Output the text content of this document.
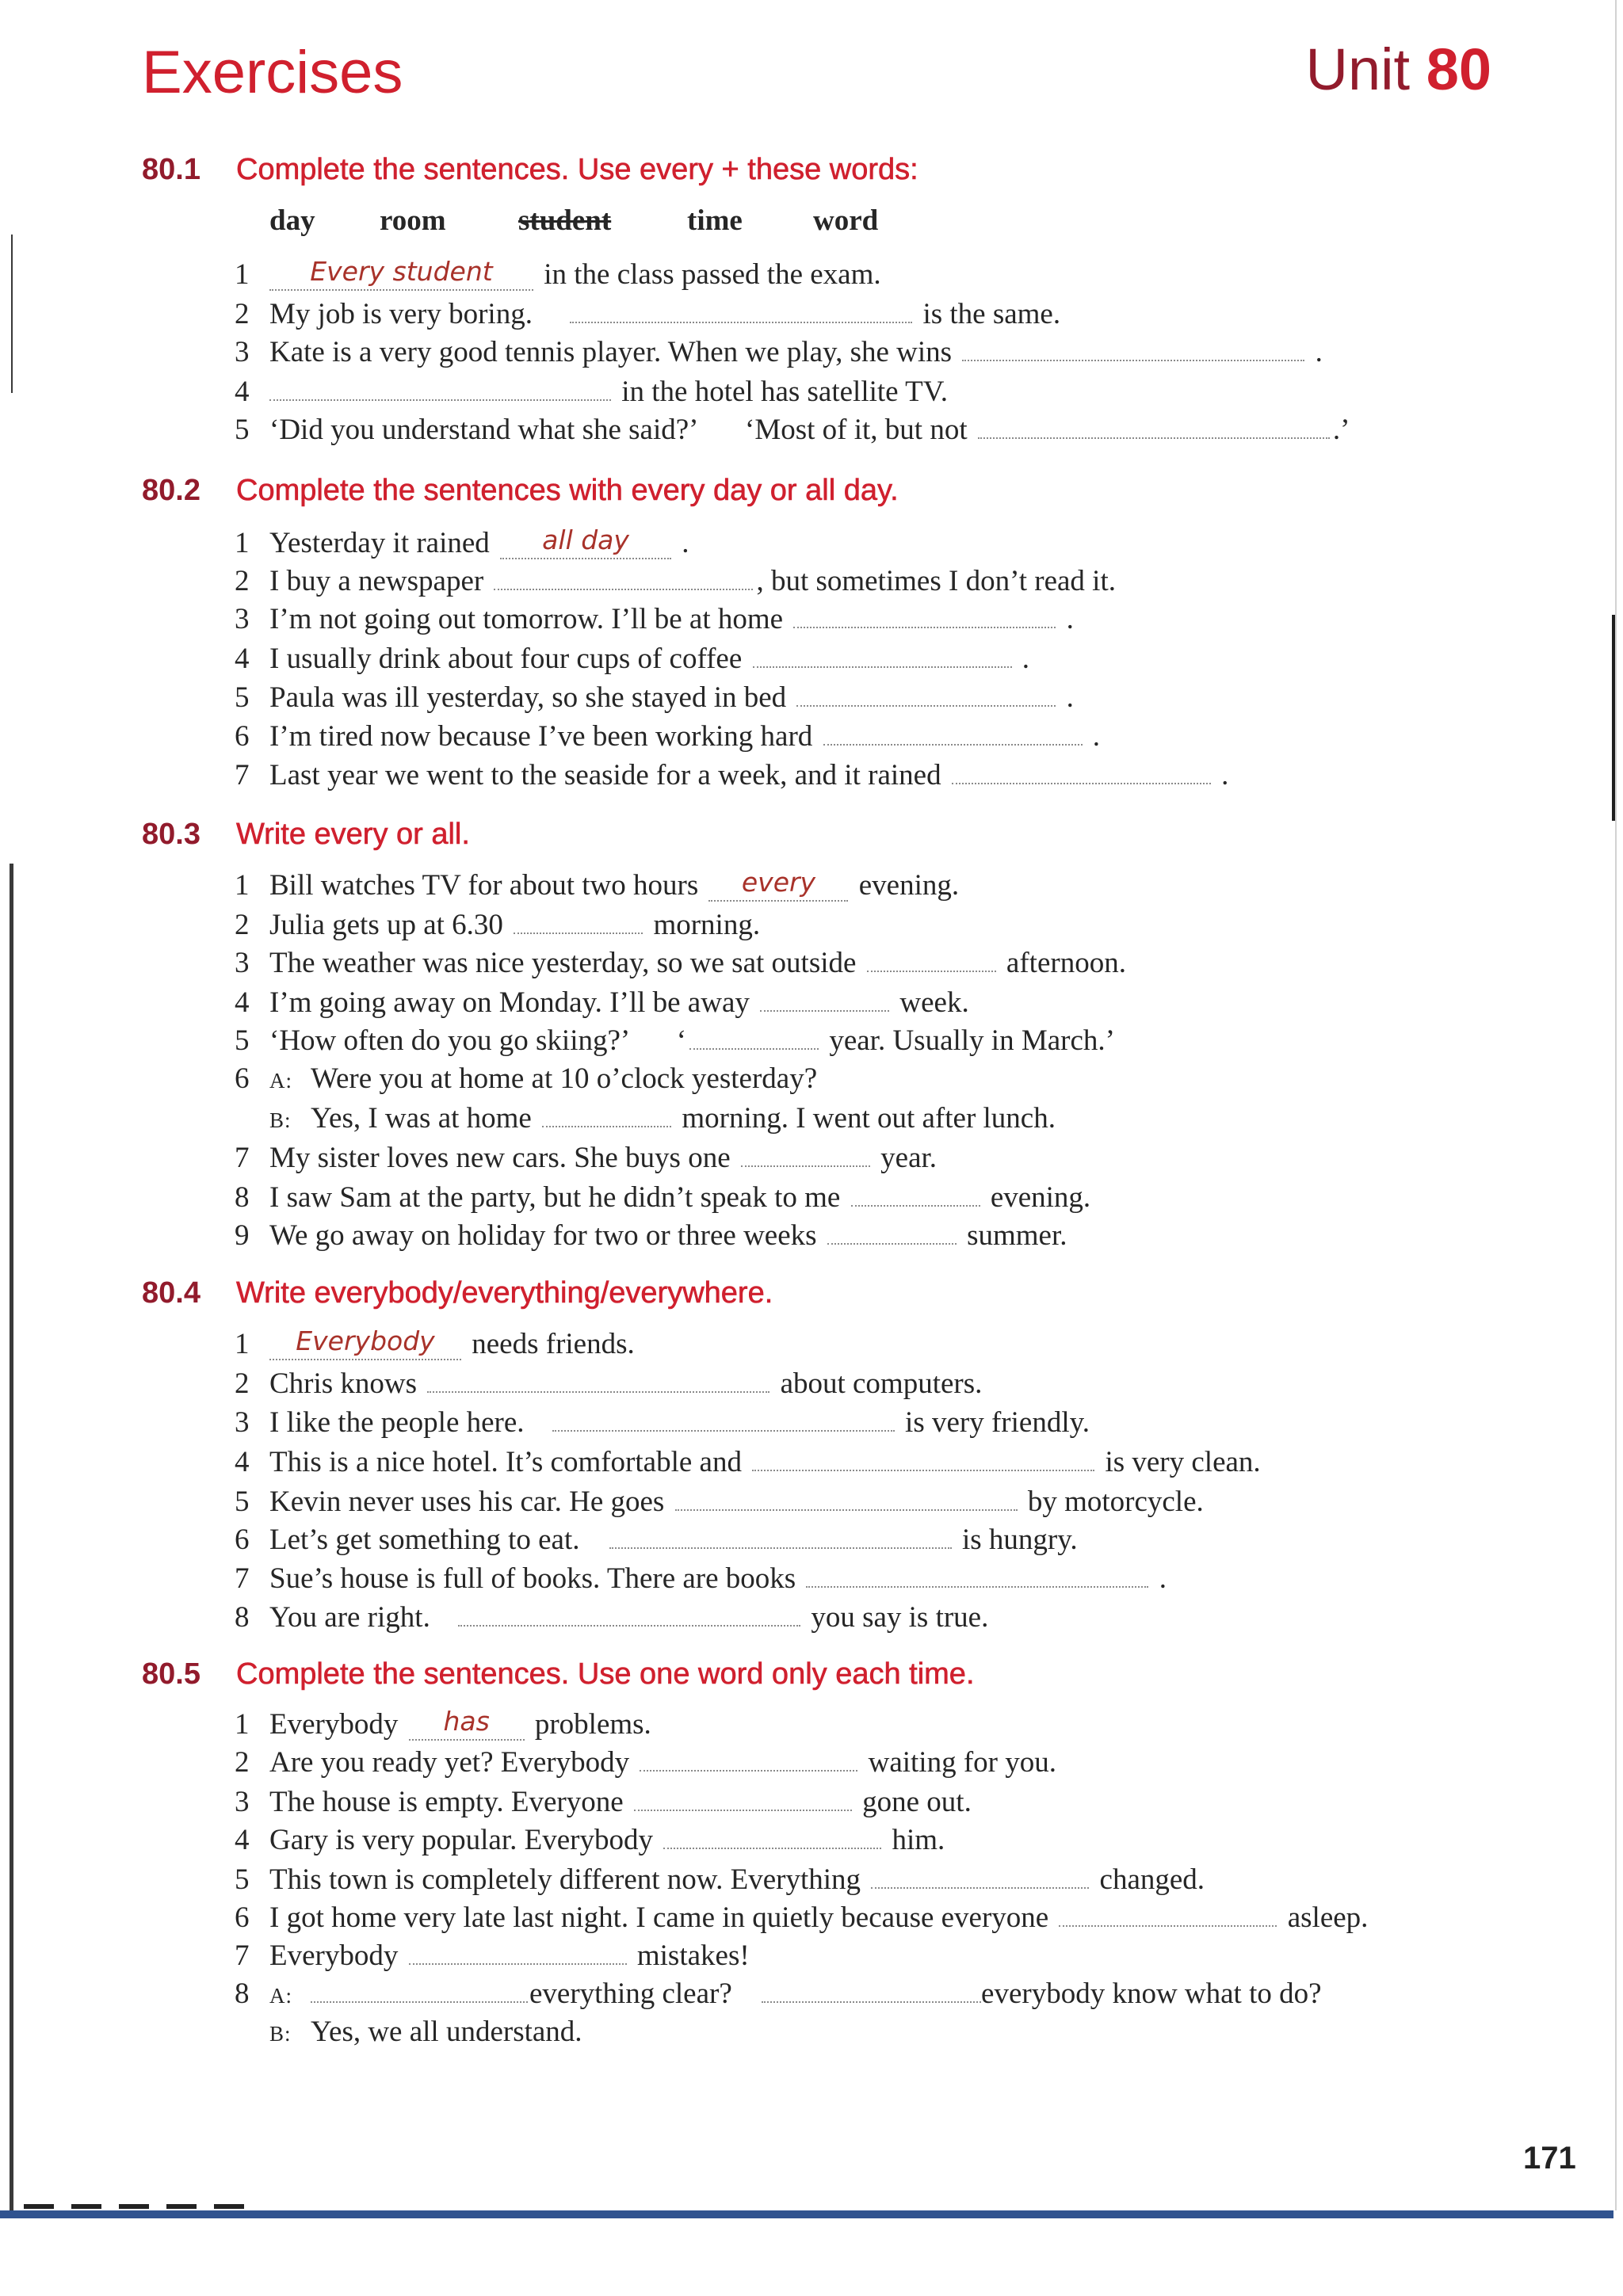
Exercises	Unit 80
80.1 Complete the sentences. Use every + these words:
day room student	time word
1 Every student in the class passed the exam.
2 My job is very boring.	is the same.
3 Kate is a very good tennis player. When we play, she wins	.
4	in the hotel has satellite TV.
5 ‘Did you understand what she said?’ ‘Most of it, but not	.’
80.2 Complete the sentences with every day or all day.
1 Yesterday it rained all day .
2 I buy a newspaper	, but sometimes I don’t read it.
3 I’m not going out tomorrow. I’ll be at home	.
4 I usually drink about four cups of coffee	.
5 Paula was ill yesterday, so she stayed in bed	.
6 I’m tired now because I’ve been working hard	.
7 Last year we went to the seaside for a week, and it rained	.
80.3 Write every or all.
1 Bill watches TV for about two hours every evening.
2 Julia gets up at 6.30	morning.
3 The weather was nice yesterday, so we sat outside	afternoon.
4 I’m going away on Monday. I’ll be away	week.
5 ‘How often do you go skiing?’ ‘	year. Usually in March.’
6 A: Were you at home at 10 o’clock yesterday?
B: Yes, I was at home	morning. I went out after lunch.
7 My sister loves new cars. She buys one	year.
8 I saw Sam at the party, but he didn’t speak to me	evening.
9 We go away on holiday for two or three weeks	summer.
80.4 Write everybody/everything/everywhere.
1 Everybody needs friends.
2 Chris knows	about computers.
3 I like the people here.	is very friendly.
4 This is a nice hotel. It’s comfortable and	is very clean.
5 Kevin never uses his car. He goes	by motorcycle.
6 Let’s get something to eat.	is hungry.
7 Sue’s house is full of books. There are books	.
8 You are right.	you say is true.
80.5 Complete the sentences. Use one word only each time.
1 Everybody has problems.
2 Are you ready yet? Everybody	waiting for you.
3 The house is empty. Everyone	gone out.
4 Gary is very popular. Everybody	him.
5 This town is completely different now. Everything	changed.
6 I got home very late last night. I came in quietly because everyone	asleep.
7 Everybody	mistakes!
8 A:	everything clear?	everybody know what to do?
B: Yes, we all understand.
171
